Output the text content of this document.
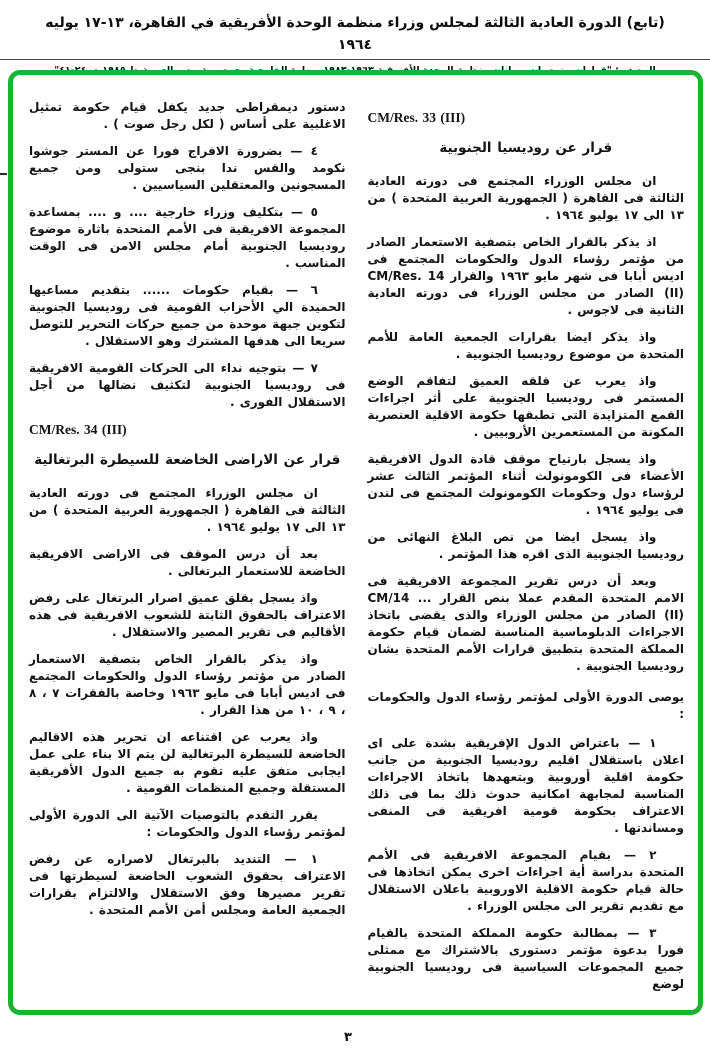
(تابع) الدورة العادية الثالثة لمجلس وزراء منظمة الوحدة الأفريقية في القاهرة، ١٣-١٧ يوليه ١٩٦٤
CM/Res. 33 (III)
قرار عن روديسيا الجنوبية
ان مجلس الوزراء المجتمع فى دورته العادية الثالثة فى القاهرة ( الجمهورية العربية المتحدة ) من ١٣ الى ١٧ يوليو ١٩٦٤ .
اذ يذكر بالقرار الخاص بتصفية الاستعمار الصادر من مؤتمر رؤساء الدول والحكومات المجتمع فى اديس أبابا فى شهر مايو ١٩٦٣ والقرار CM/Res. 14 (II) الصادر من مجلس الوزراء فى دورته العادية الثانية فى لاجوس .
واذ يذكر ايضا بقرارات الجمعية العامة للأمم المتحدة من موضوع روديسيا الجنوبية .
واذ يعرب عن قلقه العميق لتفاقم الوضع المستمر فى روديسيا الجنوبية على أثر اجراءات القمع المتزايدة التى تطبقها حكومة الاقلية العنصرية المكونة من المستعمرين الأروبيين .
واذ يسجل بارتياح موقف قادة الدول الافريقية الأعضاء فى الكومونولث أثناء المؤتمر الثالث عشر لرؤساء دول وحكومات الكومونولث المجتمع فى لندن فى يوليو ١٩٦٤ .
واذ يسجل ايضا من نص البلاغ النهائى من روديسيا الجنوبية الذى اقره هذا المؤتمر .
وبعد أن درس تقرير المجموعة الافريقية فى الامم المتحدة المقدم عملا بنص القرار ... CM/14 (II) الصادر من مجلس الوزراء والذى يقضى باتخاذ الاجراءات الدبلوماسية المناسبة لضمان قيام حكومة المملكة المتحدة بتطبيق قرارات الأمم المتحدة بشان روديسيا الجنوبية .
يوصى الدورة الأولى لمؤتمر رؤساء الدول والحكومات :
١ — باعتراض الدول الإفريقية بشدة على اى اعلان باستقلال اقليم روديسيا الجنوبية من جانب حكومة اقلية أوروبية وبتعهدها باتخاذ الاجراءات المناسبة لمجابهة امكانية حدوث ذلك بما فى ذلك الاعتراف بحكومة قومية افريقية فى المنفى ومساندتها .
٢ — بقيام المجموعة الافريقية فى الأمم المتحدة بدراسة أية اجراءات اخرى يمكن اتخاذها فى حالة قيام حكومة الاقلية الاوروبية باعلان الاستقلال مع تقديم تقرير الى مجلس الوزراء .
٣ — بمطالبة حكومة المملكة المتحدة بالقيام فورا بدعوة مؤتمر دستورى بالاشتراك مع ممثلى جميع المجموعات السياسية فى روديسيا الجنوبية لوضع
دستور ديمقراطى جديد يكفل قيام حكومة تمثيل الاغلبية على أساس ( لكل رجل صوت ) .
٤ — بضرورة الافراج فورا عن المستر جوشوا نكومد والقس ندا بنجى ستولى ومن جميع المسجونين والمعتقلين السياسيين .
٥ — بتكليف وزراء خارجية .... و .... بمساعدة المجموعة الافريقية فى الأمم المتحدة باثارة موضوع روديسيا الجنوبية أمام مجلس الامن فى الوقت المناسب .
٦ — بقيام حكومات ...... بتقديم مساعيها الحميدة الي الأحزاب القومية فى روديسيا الجنوبية لتكوين جبهة موحدة من جميع حركات التحرير للتوصل سريعا الى هدفها المشترك وهو الاستقلال .
٧ — بتوجيه نداء الى الحركات القومية الافريقية فى روديسيا الجنوبية لتكثيف نضالها من أجل الاستقلال الفورى .
CM/Res. 34 (III)
قرار عن الاراضى الخاضعة للسيطرة البرتغالية
ان مجلس الوزراء المجتمع فى دورته العادية الثالثة فى القاهرة ( الجمهورية العربية المتحدة ) من ١٣ الى ١٧ يوليو ١٩٦٤ .
بعد أن درس الموقف فى الاراضى الافريقية الخاضعة للاستعمار البرتغالى .
واذ يسجل بقلق عميق اصرار البرتغال على رفض الاعتراف بالحقوق الثابتة للشعوب الافريقية فى هذه الأقاليم فى تقرير المصير والاستقلال .
واذ يذكر بالقرار الخاص بتصفية الاستعمار الصادر من مؤتمر رؤساء الدول والحكومات المجتمع فى اديس أبابا فى مايو ١٩٦٣ وخاصة بالفقرات ٧ ، ٨ ، ٩ ، ١٠ من هذا القرار .
واذ يعرب عن اقتناعه ان تحرير هذه الاقاليم الخاضعة للسيطرة البرتغالية لن يتم الا بناء على عمل ايجابى متفق عليه تقوم به جميع الدول الأفريقية المستقلة وجميع المنظمات القومية .
يقرر التقدم بالتوصيات الآتية الى الدورة الأولى لمؤتمر رؤساء الدول والحكومات :
١ — التنديد بالبرتغال لاصراره عن رفض الاعتراف بحقوق الشعوب الخاضعة لسيطرتها فى تقرير مصيرها وفق الاستقلال والالتزام بقرارات الجمعية العامة ومجلس أمن الأمم المتحدة .
٣
